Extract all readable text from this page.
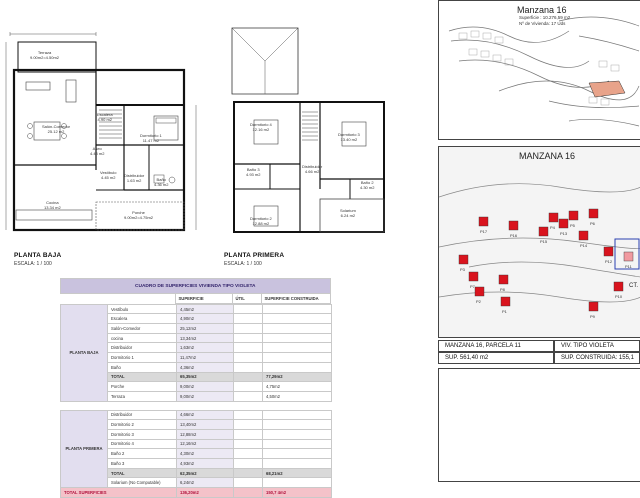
Terraza
9.00m2=4.50m2
Salón-Comedor
25.12 m2
Escalera
4.90 m2
Dormitorio 1
11.47 m2
Aseo
4.48 m2
Distribuidor
1.63 m2
Vestíbulo
4.45 m2	Baño
4.36 m2
Cocina
13.34 m2
Porche
9.00m2=4.75m2
PLANTA BAJA
ESCALA: 1 / 100
Dormitorio 4
12.16 m2
Dormitorio 3
13.40 m2
Baño 3
4.93 m2
Distribuidor
4.66 m2
Baño 2
4.30 m2
Dormitorio 2
12.88 m2
Solarium
6.24 m2
PLANTA PRIMERA
ESCALA: 1 / 100
CUADRO DE SUPERFICIES VIVIENDA TIPO VIOLETA
	SUPERFICIE	ÚTIL	SUPERFICIE CONSTRUIDA
PLANTA BAJA	Vestíbulo	4,45m2		
	Escalera	4,90m2		
	Salón-Comedor	25,12m2		
	cocina	13,34m2		
	Distribuidor	1,63m2		
	Dormitorio 1	11,47m2		
	Baño	4,36m2		
	TOTAL	65,35m2		77,29m2
	Porche	9,00m2		4,75m2
	Terraza	9,00m2		4,50m2

PLANTA PRIMERA	Distribuidor	4,66m2		
	Dormitorio 2	13,40m2		
	Dormitorio 3	12,88m2		
	Dormitorio 4	12,16m2		
	Baño 2	4,30m2		
	Baño 3	4,93m2		
	TOTAL	62,35m2		68,21m2
	Solarium (No Computable)	6,24m2		
TOTAL SUPERFICIES		136,20m2		150,7 4m2
Manzana 16
Superficie : 10.276,59 m2
Nº de Vivienda: 17 Uds
P1
P2
P3
P4	P5	P6
P7
P8
P9
P10
P11
P12
P13
P14
P15
P16
P17
MANZANA 16
CT.
MANZANA 16, PARCELA 11	VIV. TIPO VIOLETA
SUP. 561,40 m2	SUP. CONSTRUIDA: 155,1
